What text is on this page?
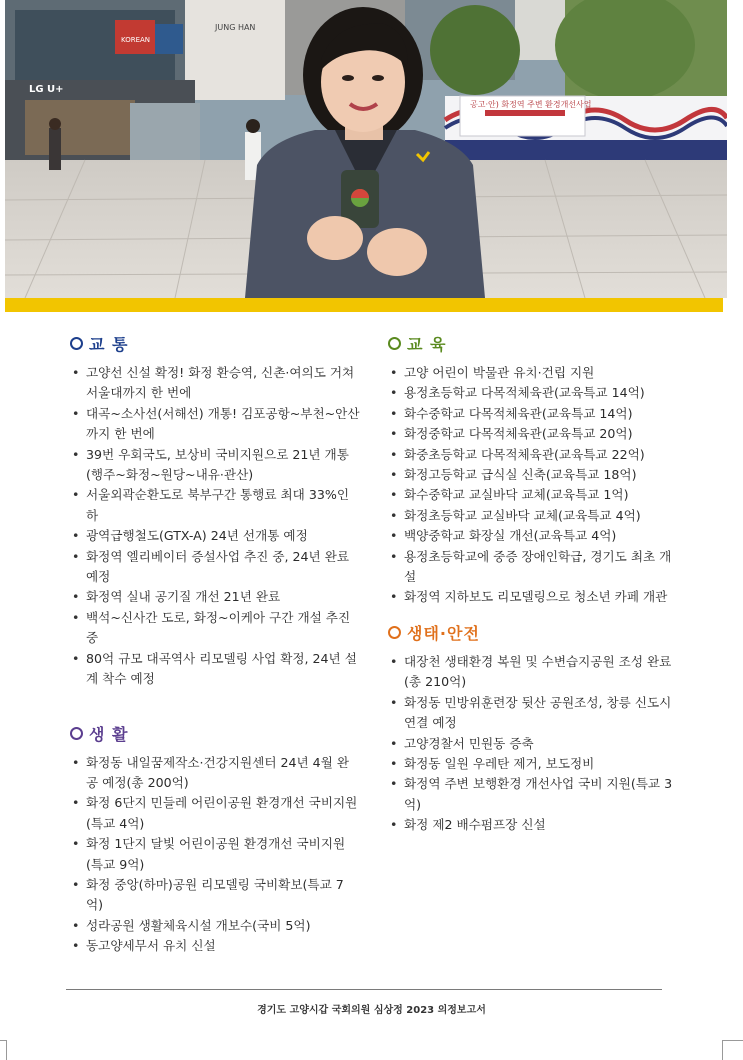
JUNG HAN
KOREAN
LG U+
공고·안) 화정역 주변 환경개선사업
교 통
• 고양선 신설 확정! 화정 환승역, 신촌·여의도 거쳐 서울대까지 한 번에
• 대곡~소사선(서해선) 개통! 김포공항~부천~안산까지 한 번에
• 39번 우회국도, 보상비 국비지원으로 21년 개통(행주~화정~원당~내유·관산)
• 서울외곽순환도로 북부구간 통행료 최대 33%인하
• 광역급행철도(GTX-A) 24년 선개통 예정
• 화정역 엘리베이터 증설사업 추진 중, 24년 완료 예정
• 화정역 실내 공기질 개선 21년 완료
• 백석~신사간 도로, 화정~이케아 구간 개설 추진 중
• 80억 규모 대곡역사 리모델링 사업 확정, 24년 설계 착수 예정
생 활
• 화정동 내일꿈제작소·건강지원센터 24년 4월 완공 예정(총 200억)
• 화정 6단지 민들레 어린이공원 환경개선 국비지원(특교 4억)
• 화정 1단지 달빛 어린이공원 환경개선 국비지원(특교 9억)
• 화정 중앙(하마)공원 리모델링 국비확보(특교 7억)
• 성라공원 생활체육시설 개보수(국비 5억)
• 동고양세무서 유치 신설
교 육
• 고양 어린이 박물관 유치·건립 지원
• 용정초등학교 다목적체육관(교육특교 14억)
• 화수중학교 다목적체육관(교육특교 14억)
• 화정중학교 다목적체육관(교육특교 20억)
• 화중초등학교 다목적체육관(교육특교 22억)
• 화정고등학교 급식실 신축(교육특교 18억)
• 화수중학교 교실바닥 교체(교육특교 1억)
• 화정초등학교 교실바닥 교체(교육특교 4억)
• 백양중학교 화장실 개선(교육특교 4억)
• 용정초등학교에 중증 장애인학급, 경기도 최초 개설
• 화정역 지하보도 리모델링으로 청소년 카페 개관
생태·안전
• 대장천 생태환경 복원 및 수변습지공원 조성 완료(총 210억)
• 화정동 민방위훈련장 뒷산 공원조성, 창릉 신도시 연결 예정
• 고양경찰서 민원동 증축
• 화정동 일원 우레탄 제거, 보도정비
• 화정역 주변 보행환경 개선사업 국비 지원(특교 3억)
• 화정 제2 배수펌프장 신설
경기도 고양시갑 국회의원 심상정 2023 의정보고서
